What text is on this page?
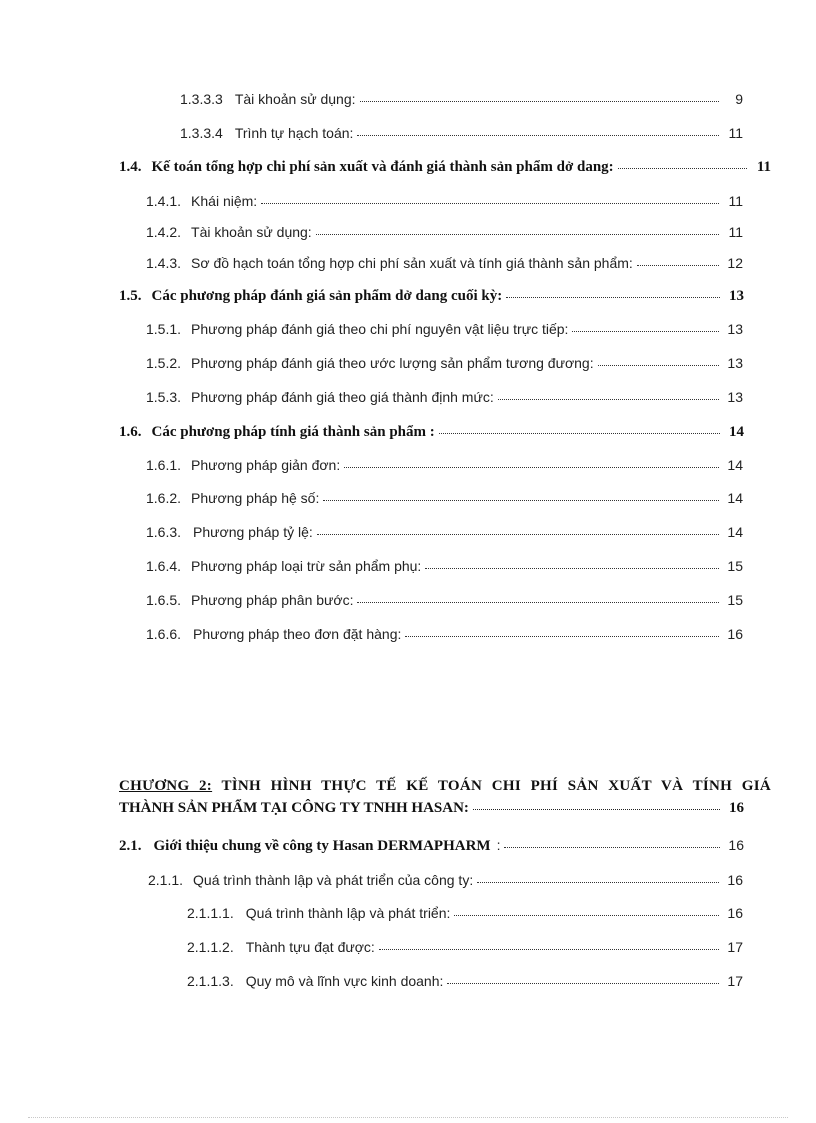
1.3.3.3 Tài khoản sử dụng:	9
1.3.3.4 Trình tự hạch toán:	11
1.4. Kế toán tổng hợp chi phí sản xuất và đánh giá thành sản phẩm dở dang:	11
1.4.1. Khái niệm:	11
1.4.2. Tài khoản sử dụng:	11
1.4.3. Sơ đồ hạch toán tổng hợp chi phí sản xuất và tính giá thành sản phẩm:	12
1.5. Các phương pháp đánh giá sản phẩm dở dang cuối kỳ:	13
1.5.1. Phương pháp đánh giá theo chi phí nguyên vật liệu trực tiếp:	13
1.5.2. Phương pháp đánh giá theo ước lượng sản phẩm tương đương:	13
1.5.3. Phương pháp đánh giá theo giá thành định mức:	13
1.6. Các phương pháp tính giá thành sản phẩm :	14
1.6.1. Phương pháp giản đơn:	14
1.6.2. Phương pháp hệ số:	14
1.6.3. Phương pháp tỷ lệ:	14
1.6.4. Phương pháp loại trừ sản phẩm phụ:	15
1.6.5. Phương pháp phân bước:	15
1.6.6. Phương pháp theo đơn đặt hàng:	16
CHƯƠNG 2: TÌNH HÌNH THỰC TẾ KẾ TOÁN CHI PHÍ SẢN XUẤT VÀ TÍNH GIÁ
THÀNH SẢN PHẨM TẠI CÔNG TY TNHH HASAN:	16
2.1. Giới thiệu chung về công ty Hasan DERMAPHARM :	16
2.1.1. Quá trình thành lập và phát triển của công ty:	16
2.1.1.1. Quá trình thành lập và phát triển:	16
2.1.1.2. Thành tựu đạt được:	17
2.1.1.3. Quy mô và lĩnh vực kinh doanh:	17
